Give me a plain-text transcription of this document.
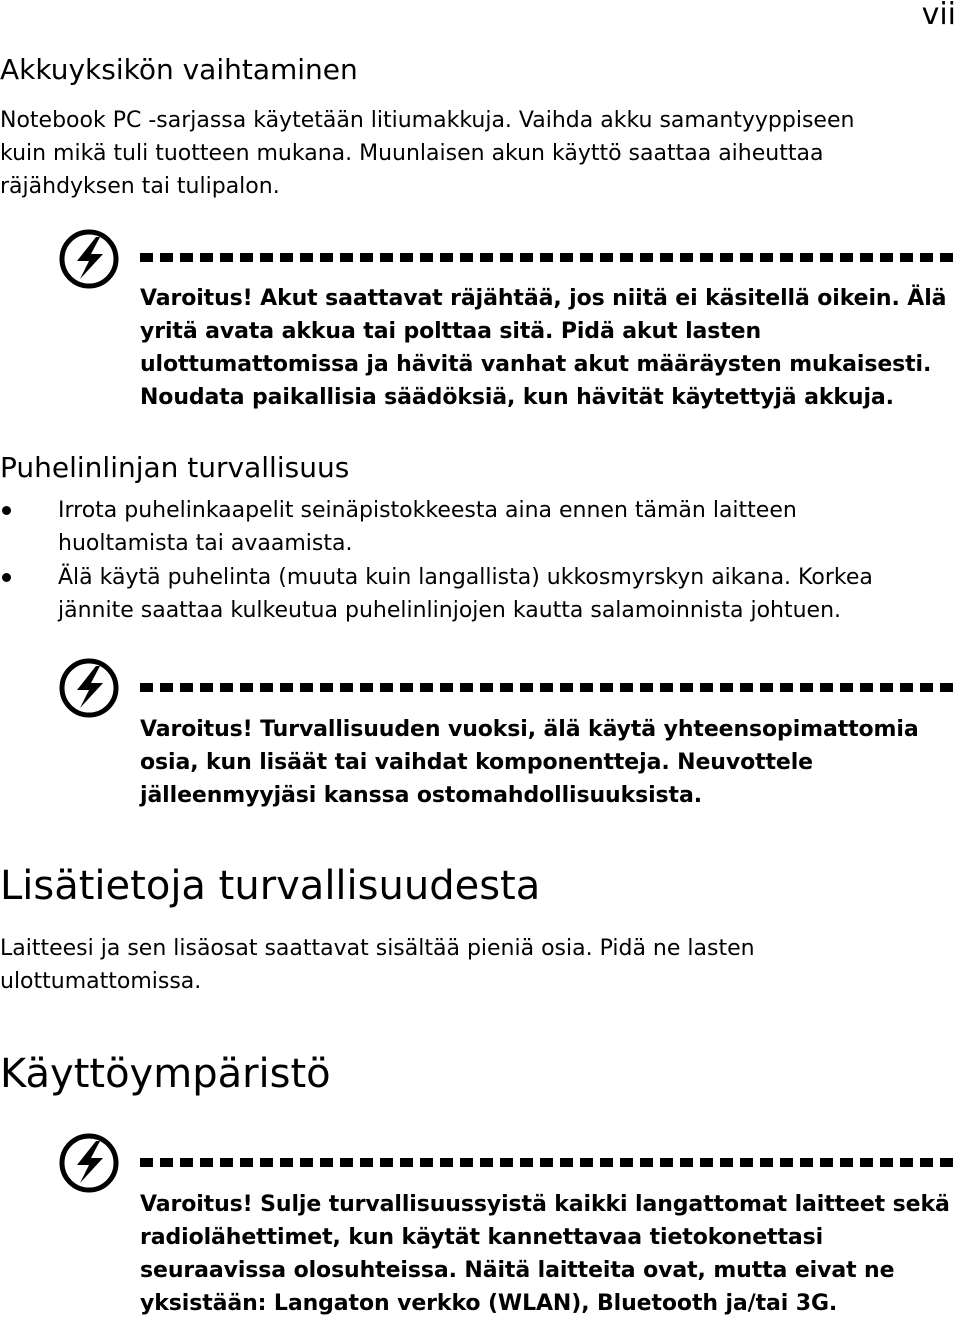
vii
Akkuyksikön vaihtaminen
Notebook PC -sarjassa käytetään litiumakkuja. Vaihda akku samantyyppiseen
kuin mikä tuli tuotteen mukana. Muunlaisen akun käyttö saattaa aiheuttaa
räjähdyksen tai tulipalon.
Varoitus! Akut saattavat räjähtää, jos niitä ei käsitellä oikein. Älä
yritä avata akkua tai polttaa sitä. Pidä akut lasten
ulottumattomissa ja hävitä vanhat akut määräysten mukaisesti.
Noudata paikallisia säädöksiä, kun hävität käytettyjä akkuja.
Puhelinlinjan turvallisuus
Irrota puhelinkaapelit seinäpistokkeesta aina ennen tämän laitteen
huoltamista tai avaamista.
Älä käytä puhelinta (muuta kuin langallista) ukkosmyrskyn aikana. Korkea
jännite saattaa kulkeutua puhelinlinjojen kautta salamoinnista johtuen.
Varoitus! Turvallisuuden vuoksi, älä käytä yhteensopimattomia
osia, kun lisäät tai vaihdat komponentteja. Neuvottele
jälleenmyyjäsi kanssa ostomahdollisuuksista.
Lisätietoja turvallisuudesta
Laitteesi ja sen lisäosat saattavat sisältää pieniä osia. Pidä ne lasten
ulottumattomissa.
Käyttöympäristö
Varoitus! Sulje turvallisuussyistä kaikki langattomat laitteet sekä
radiolähettimet, kun käytät kannettavaa tietokonettasi
seuraavissa olosuhteissa. Näitä laitteita ovat, mutta eivat ne
yksistään: Langaton verkko (WLAN), Bluetooth ja/tai 3G.
